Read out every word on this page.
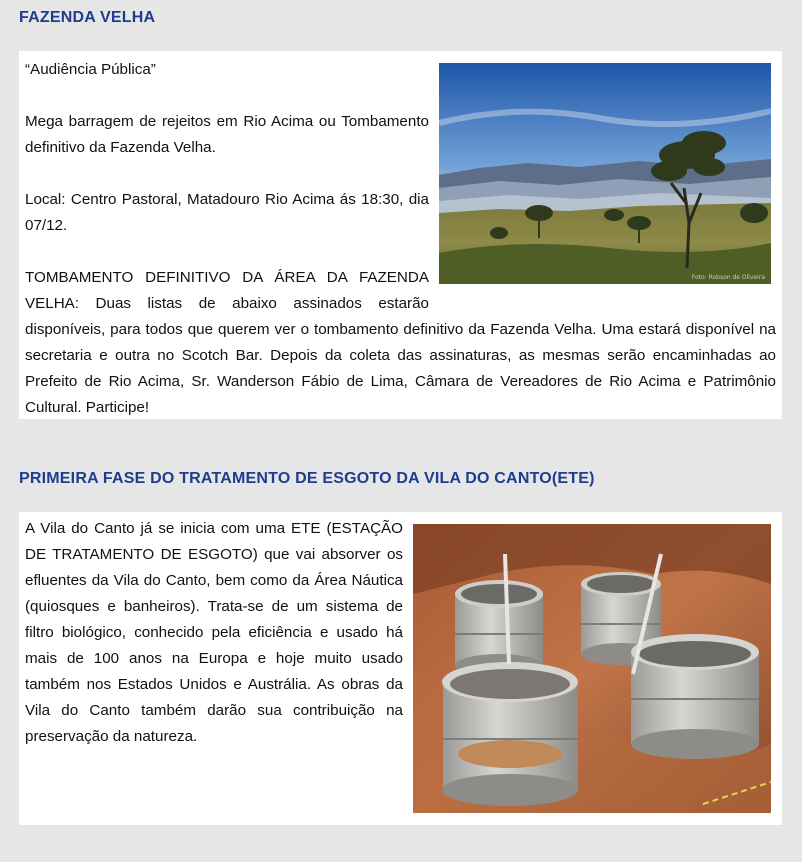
FAZENDA VELHA
Foto: Robson de Oliveira

“Audiência Pública”

Mega barragem de rejeitos em Rio Acima ou Tombamento definitivo da Fazenda Velha.

Local: Centro Pastoral, Matadouro Rio Acima ás 18:30, dia 07/12.

TOMBAMENTO DEFINITIVO DA ÁREA DA FAZENDA VELHA: Duas listas de abaixo assinados estarão disponíveis, para todos que querem ver o tombamento definitivo da Fazenda Velha. Uma estará disponível na secretaria e outra no Scotch Bar. Depois da coleta das assinaturas, as mesmas serão encaminhadas ao Prefeito de Rio Acima, Sr. Wanderson Fábio de Lima, Câmara de Vereadores de Rio Acima e Patrimônio Cultural. Participe!

PRIMEIRA FASE DO TRATAMENTO DE ESGOTO DA VILA DO CANTO(ETE)

A Vila do Canto já se inicia com uma ETE (ESTAÇÃO DE TRATAMENTO DE ESGOTO) que vai absorver os efluentes da Vila do Canto, bem como da Área Náutica (quiosques e banheiros). Trata-se de um sistema de filtro biológico, conhecido pela eficiência e usado há mais de 100 anos na Europa e hoje muito usado também nos Estados Unidos e Austrália. As obras da Vila do Canto também darão sua contribuição na preservação da natureza.
